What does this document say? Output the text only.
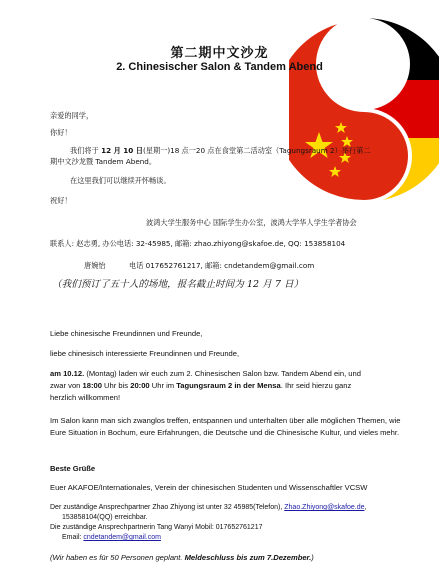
第二期中文沙龙
2. Chinesischer Salon & Tandem Abend
亲爱的同学，
你好！
我们将于 12 月 10 日(星期一)18 点一20 点在食堂第二活动室（Tagungsraum 2）举行第二
期中文沙龙暨 Tandem Abend。
在这里我们可以继续开怀畅谈。
祝好！
波鸿大学生服务中心 国际学生办公室，波鸿大学华人学生学者协会
联系人: 赵志勇, 办公电话: 32-45985, 邮箱: zhao.zhiyong@skafoe.de, QQ: 153858104
唐婉怡	电话 017652761217, 邮箱: cndetandem@gmail.com
（我们预订了五十人的场地，报名截止时间为 12 月 7 日）
Liebe chinesische Freundinnen und Freunde,
liebe chinesisch interessierte Freundinnen und Freunde,
am 10.12. (Montag) laden wir euch zum 2. Chinesischen Salon bzw. Tandem Abend ein, und
zwar von 18:00 Uhr bis 20:00 Uhr im Tagungsraum 2 in der Mensa. Ihr seid hierzu ganz
herzlich willkommen!
Im Salon kann man sich zwanglos treffen, entspannen und unterhalten über alle möglichen Themen, wie Eure Situation in Bochum, eure Erfahrungen, die Deutsche und die Chinesische Kultur, und vieles mehr.
Beste Grüße
Euer AKAFOE/Internationales, Verein der chinesischen Studenten und Wissenschaftler VCSW
Der zuständige Ansprechpartner Zhao Zhiyong ist unter 32 45985(Telefon), Zhao.Zhiyong@skafoe.de,
153858104(QQ) erreichbar.
Die zuständige Ansprechpartnerin Tang Wanyi Mobil: 017652761217
Email: cndetandem@gmail.com
(Wir haben es für 50 Personen geplant. Meldeschluss bis zum 7.Dezember.)
